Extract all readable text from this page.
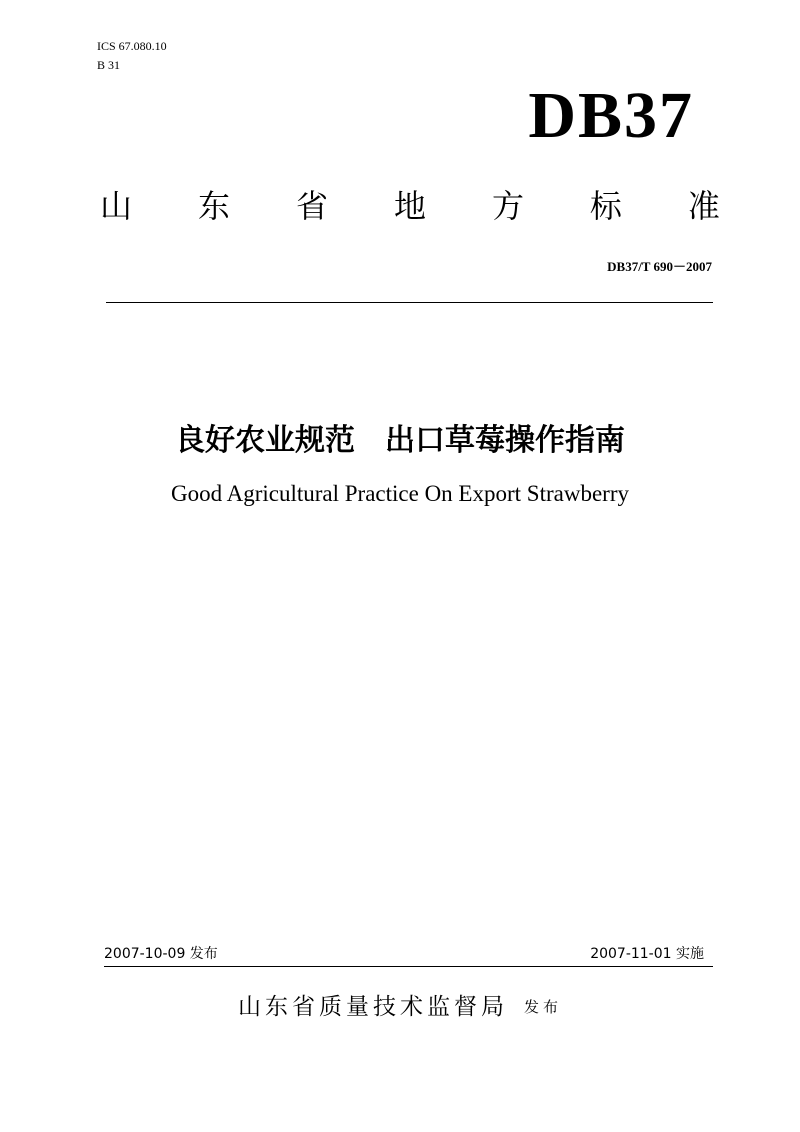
ICS 67.080.10
B 31
DB37
山 东 省 地 方 标 准
DB37/T 690－2007
良好农业规范　出口草莓操作指南
Good Agricultural Practice On Export Strawberry
2007-10-09 发布	2007-11-01 实施
山东省质量技术监督局 发布
